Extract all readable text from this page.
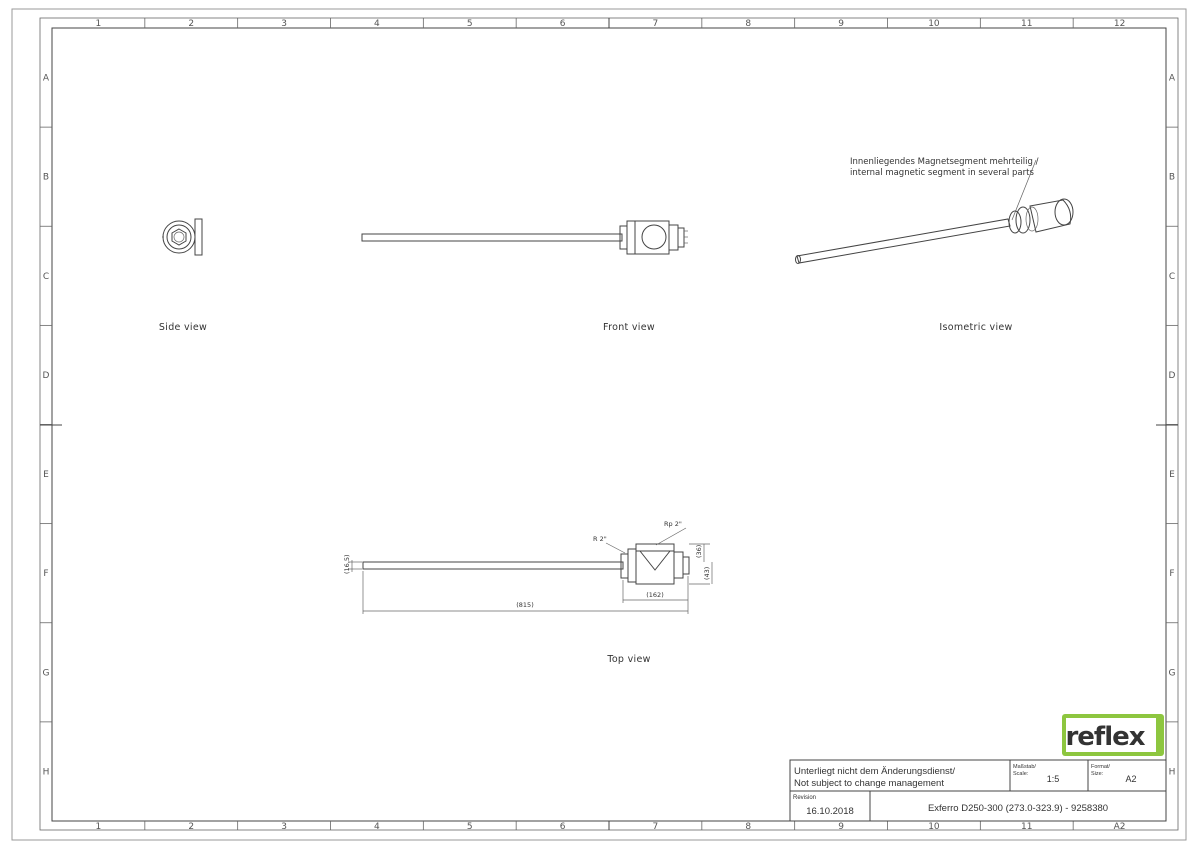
1
1
2
2
3
3
4
4
5
5
6
6
7
7
8
8
9
9
10
10
11
11
12
A2
A	A
B	B
C	C
D	D
E	E
F	F
G	G
H	H
Side view	Front view
Innenliegendes Magnetsegment mehrteilig /
internal magnetic segment in several parts
Isometric view
(16,5)
(815)
(162)
(36)
(43)
R 2"
Rp 2"
Top view
reflex
Unterliegt nicht dem Änderungsdienst/
Not subject to change management
Maßstab/
Scale: 1:5
Format/
Size: A2
Revision
16.10.2018	Exferro D250-300 (273.0-323.9) - 9258380
